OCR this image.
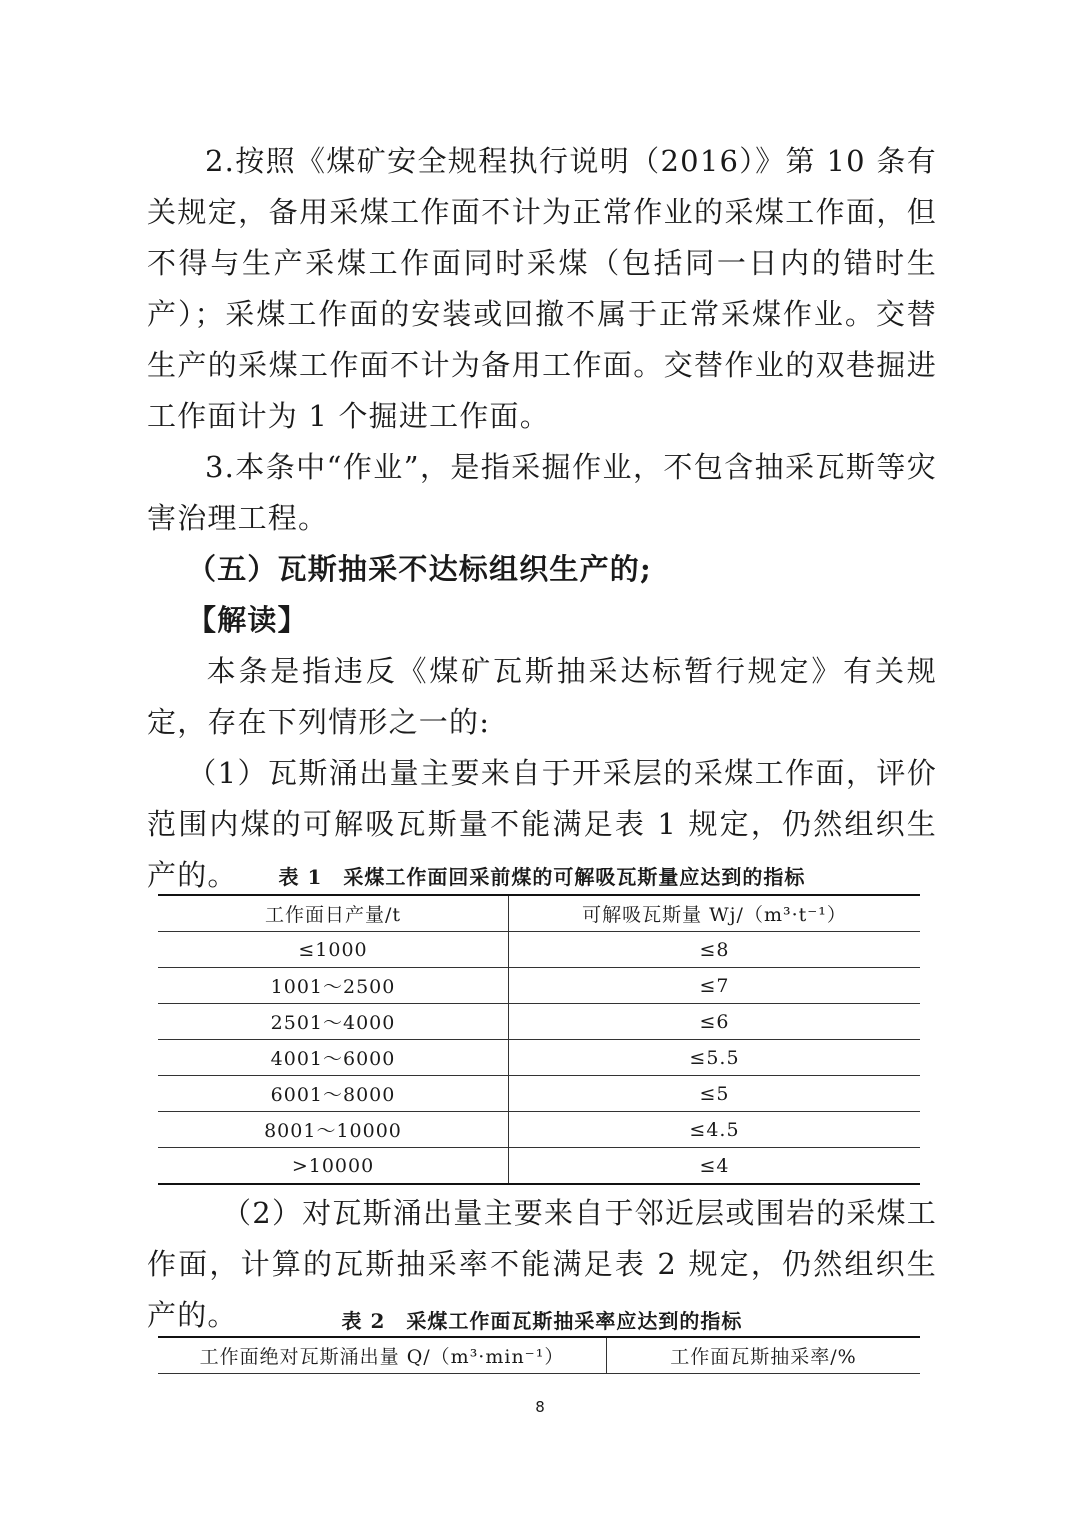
2.按照《煤矿安全规程执行说明（2016）》第 10 条有关规定，备用采煤工作面不计为正常作业的采煤工作面，但不得与生产采煤工作面同时采煤（包括同一日内的错时生产）；采煤工作面的安装或回撤不属于正常采煤作业。交替生产的采煤工作面不计为备用工作面。交替作业的双巷掘进工作面计为 1 个掘进工作面。

3.本条中“作业”，是指采掘作业，不包含抽采瓦斯等灾害治理工程。

（五）瓦斯抽采不达标组织生产的;

【解读】

本条是指违反《煤矿瓦斯抽采达标暂行规定》有关规定，存在下列情形之一的:

（1）瓦斯涌出量主要来自于开采层的采煤工作面，评价范围内煤的可解吸瓦斯量不能满足表 1 规定，仍然组织生产的。	表 1　采煤工作面回采前煤的可解吸瓦斯量应达到的指标

工作面日产量/t	可解吸瓦斯量 Wj/（m³·t⁻¹）
≤1000	≤8
1001～2500	≤7
2501～4000	≤6
4001～6000	≤5.5
6001～8000	≤5
8001～10000	≤4.5
>10000	≤4

（2）对瓦斯涌出量主要来自于邻近层或围岩的采煤工作面，计算的瓦斯抽采率不能满足表 2 规定，仍然组织生产的。	表 2　采煤工作面瓦斯抽采率应达到的指标

工作面绝对瓦斯涌出量 Q/（m³·min⁻¹）	工作面瓦斯抽采率/%
8
